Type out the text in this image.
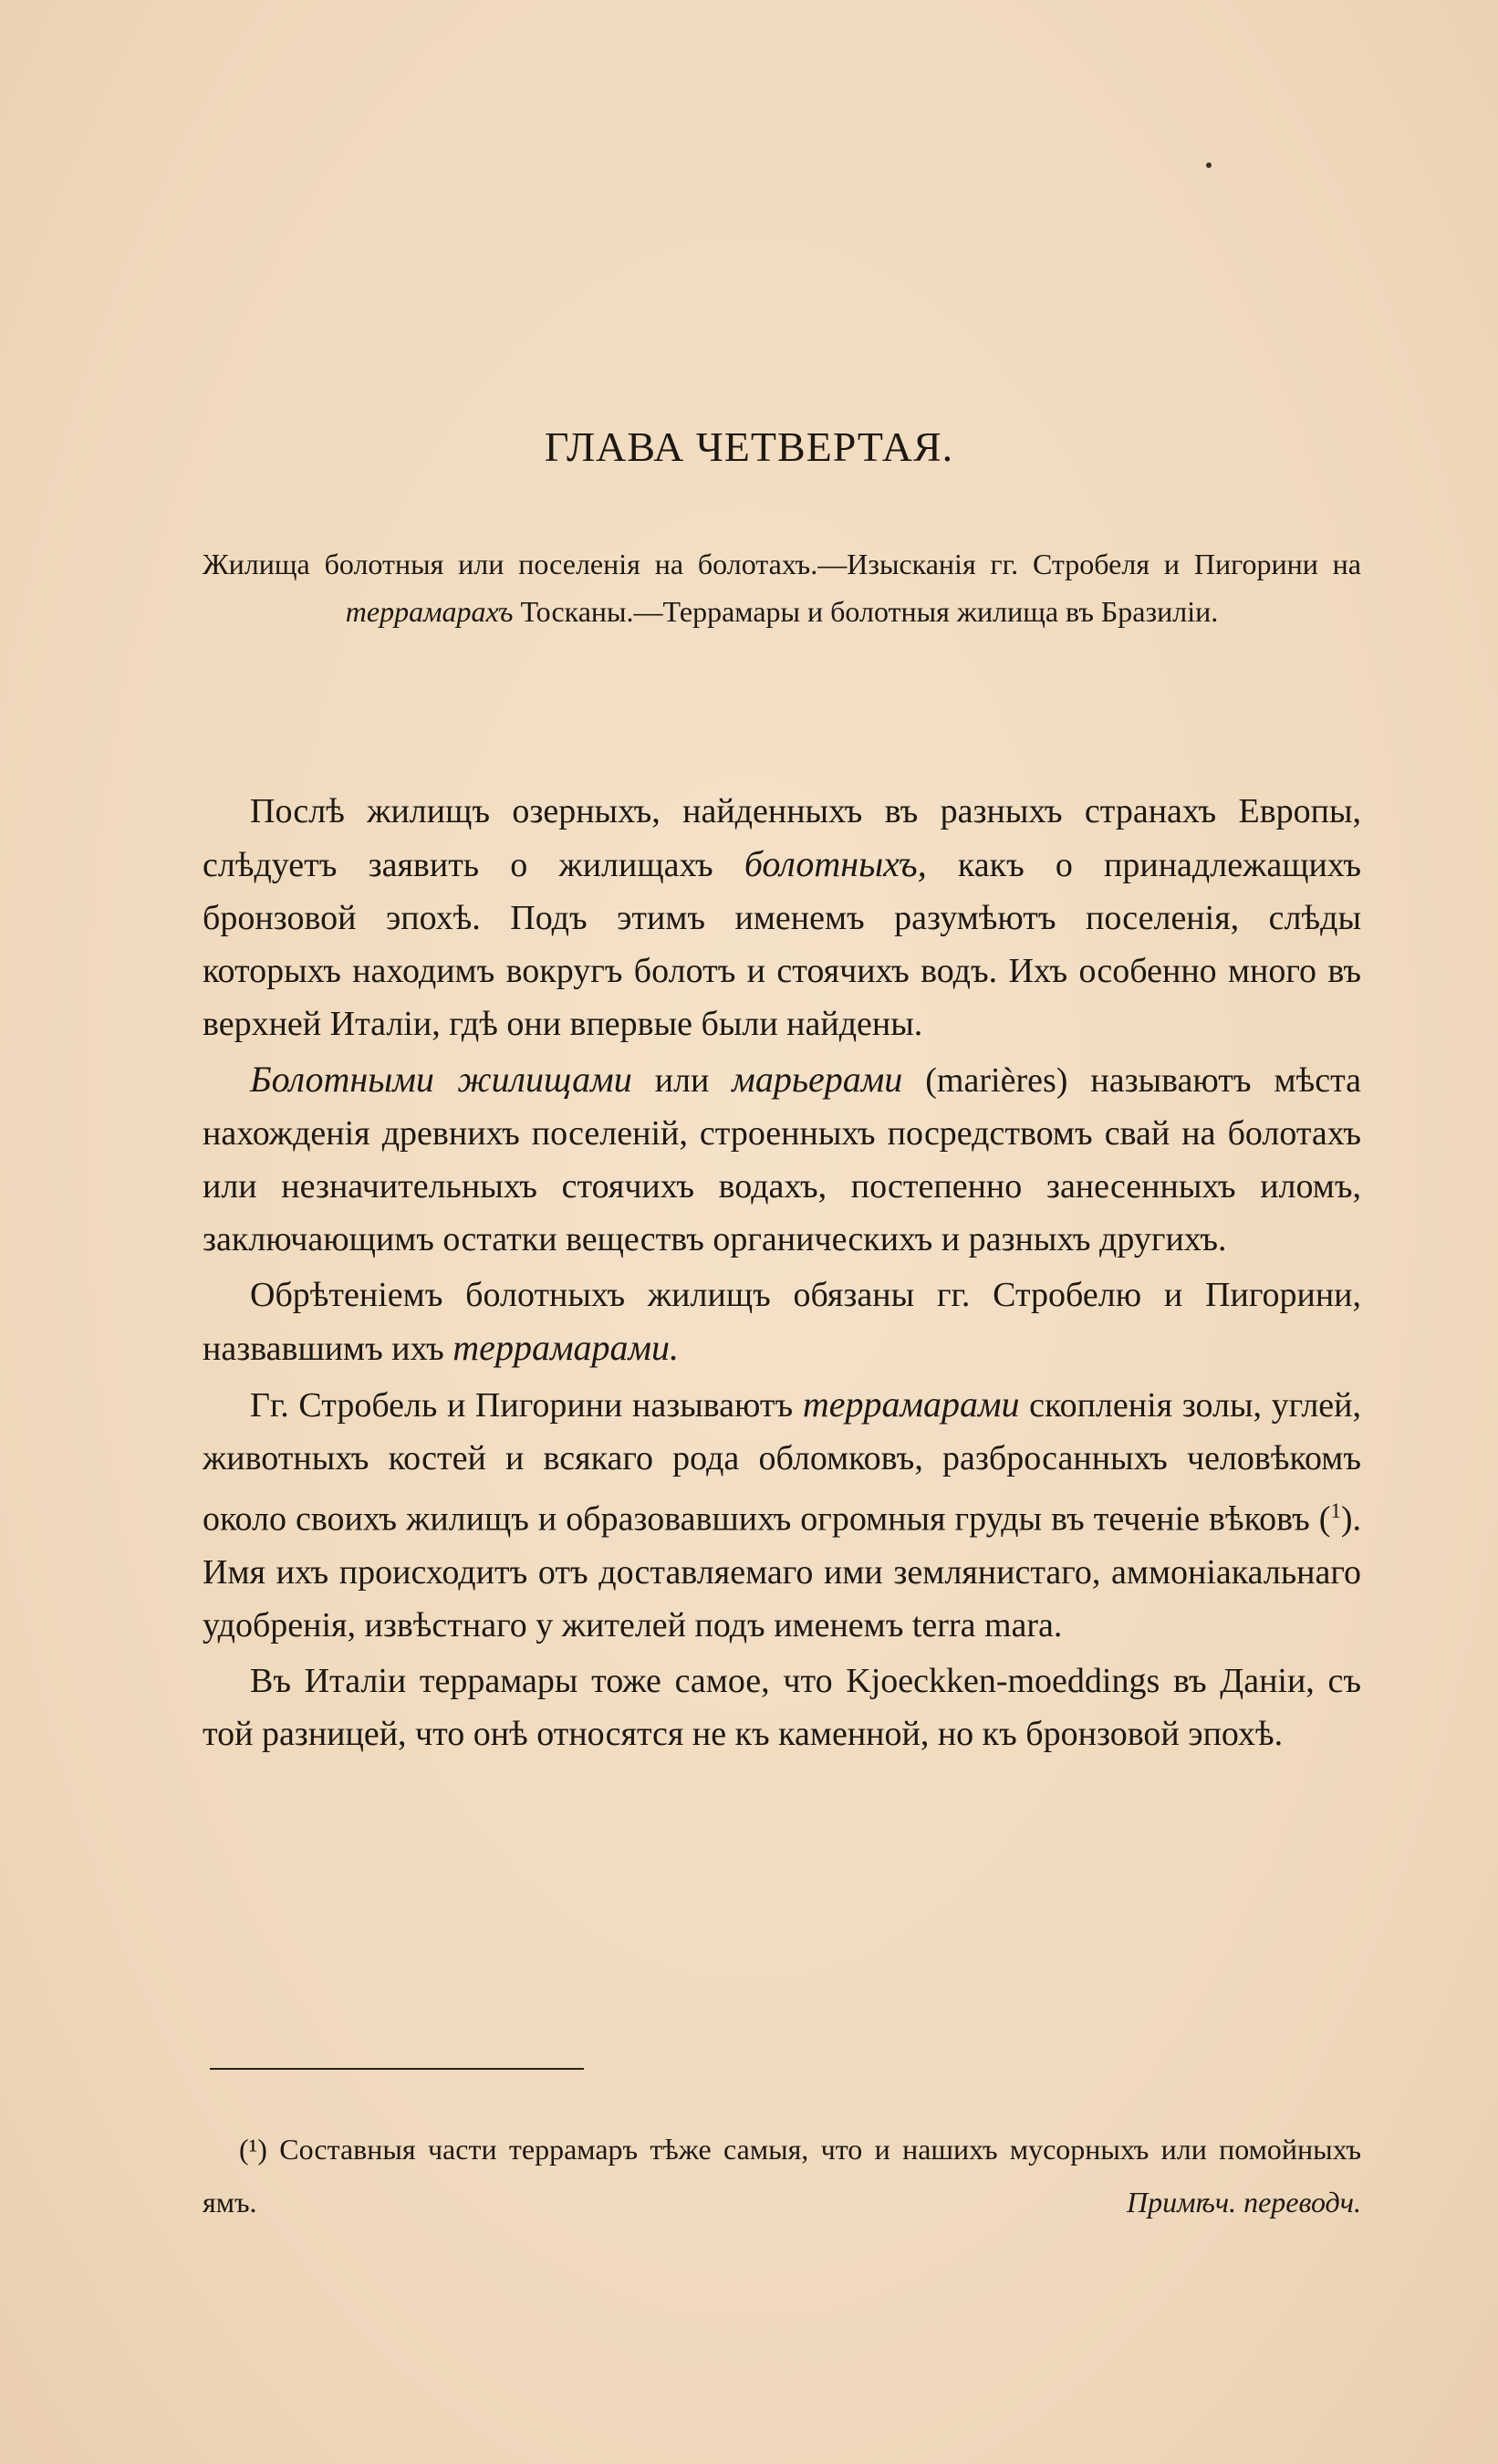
ГЛАВА ЧЕТВЕРТАЯ.
Жилища болотныя или поселенія на болотахъ.—Изысканія гг. Стробеля и Пигорини на террамарахъ Тосканы.—Террамары и болотныя жилища въ Бразиліи.

Послѣ жилищъ озерныхъ, найденныхъ въ разныхъ странахъ Европы, слѣдуетъ заявить о жилищахъ болотныхъ, какъ о принадлежащихъ бронзовой эпохѣ. Подъ этимъ именемъ разумѣютъ поселенія, слѣды которыхъ находимъ вокругъ болотъ и стоячихъ водъ. Ихъ особенно много въ верхней Италіи, гдѣ они впервые были найдены.

Болотными жилищами или марьерами (marières) называютъ мѣста нахожденія древнихъ поселеній, строенныхъ посредствомъ свай на болотахъ или незначительныхъ стоячихъ водахъ, постепенно занесенныхъ иломъ, заключающимъ остатки веществъ органическихъ и разныхъ другихъ.

Обрѣтеніемъ болотныхъ жилищъ обязаны гг. Стробелю и Пигорини, назвавшимъ ихъ террамарами.

Гг. Стробель и Пигорини называютъ террамарами скопленія золы, углей, животныхъ костей и всякаго рода обломковъ, разбросанныхъ человѣкомъ около своихъ жилищъ и образовавшихъ огромныя груды въ теченіе вѣковъ ($^1$). Имя ихъ происходитъ отъ доставляемаго ими землянистаго, аммоніакальнаго удобренія, извѣстнаго у жителей подъ именемъ terra mara.

Въ Италіи террамары тоже самое, что Kjoeckken-moeddings въ Даніи, съ той разницей, что онѣ относятся не къ каменной, но къ бронзовой эпохѣ.

(¹) Составныя части террамаръ тѣже самыя, что и нашихъ мусорныхъ или помойныхъ ямъ.	Примѣч. переводч.
